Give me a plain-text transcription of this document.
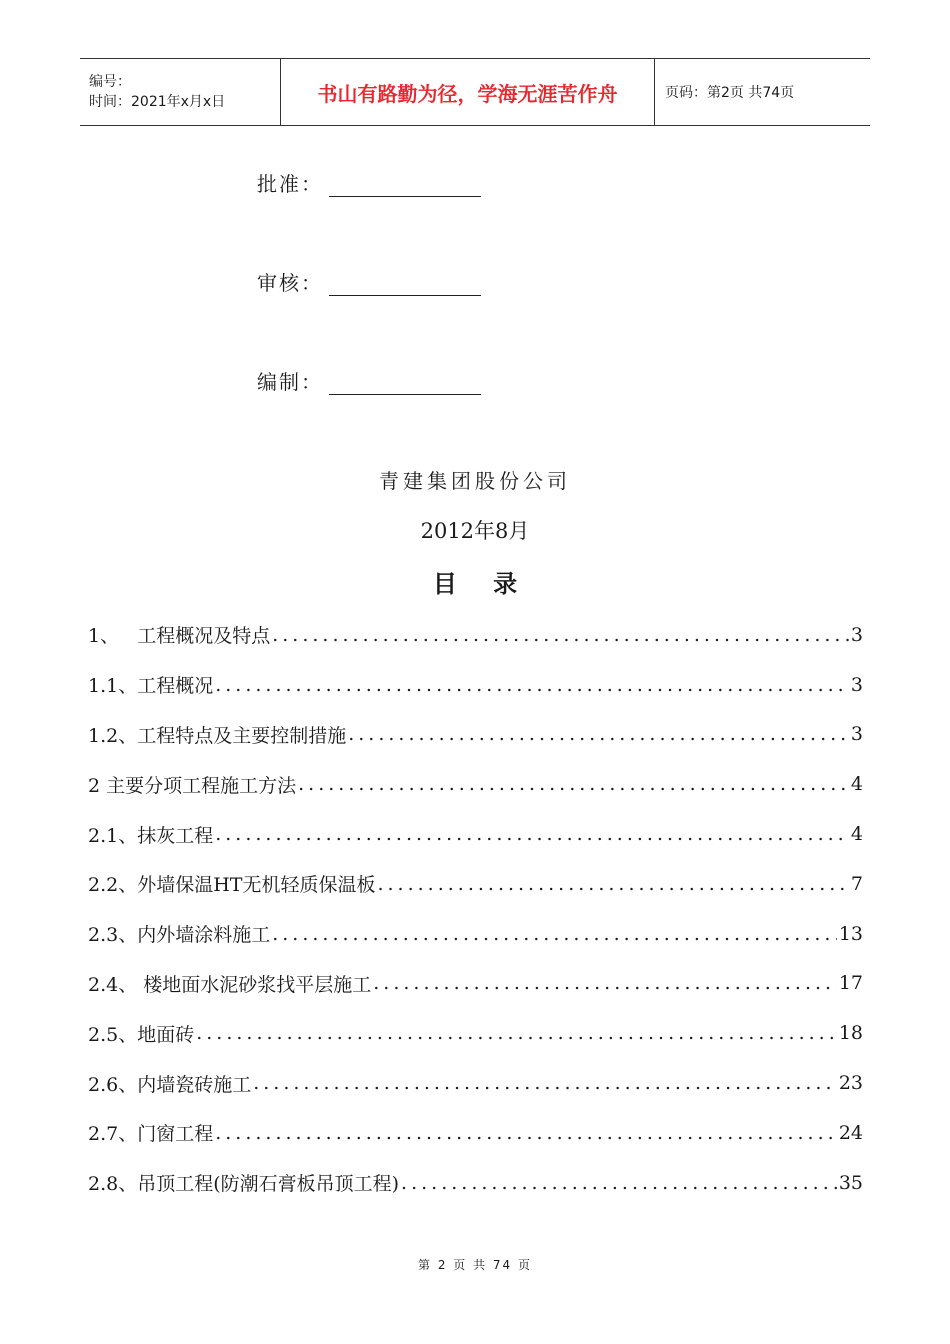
编号：
时间：2021年x月x日	书山有路勤为径，学海无涯苦作舟	页码：第2页 共74页
批准：
审核：
编制：
青建集团股份公司
2012年8月
目 录
1、   工程概况及特点 .....	3
1.1、工程概况 .....	3
1.2、工程特点及主要控制措施 .....	3
2 主要分项工程施工方法 .....	4
2.1、抹灰工程 .....	4
2.2、外墙保温HT无机轻质保温板 .....	7
2.3、内外墙涂料施工 .....	13
2.4、 楼地面水泥砂浆找平层施工 .....	17
2.5、地面砖 .....	18
2.6、内墙瓷砖施工 .....	23
2.7、门窗工程 .....	24
2.8、吊顶工程(防潮石膏板吊顶工程) .....	35
第 2 页 共 74 页
